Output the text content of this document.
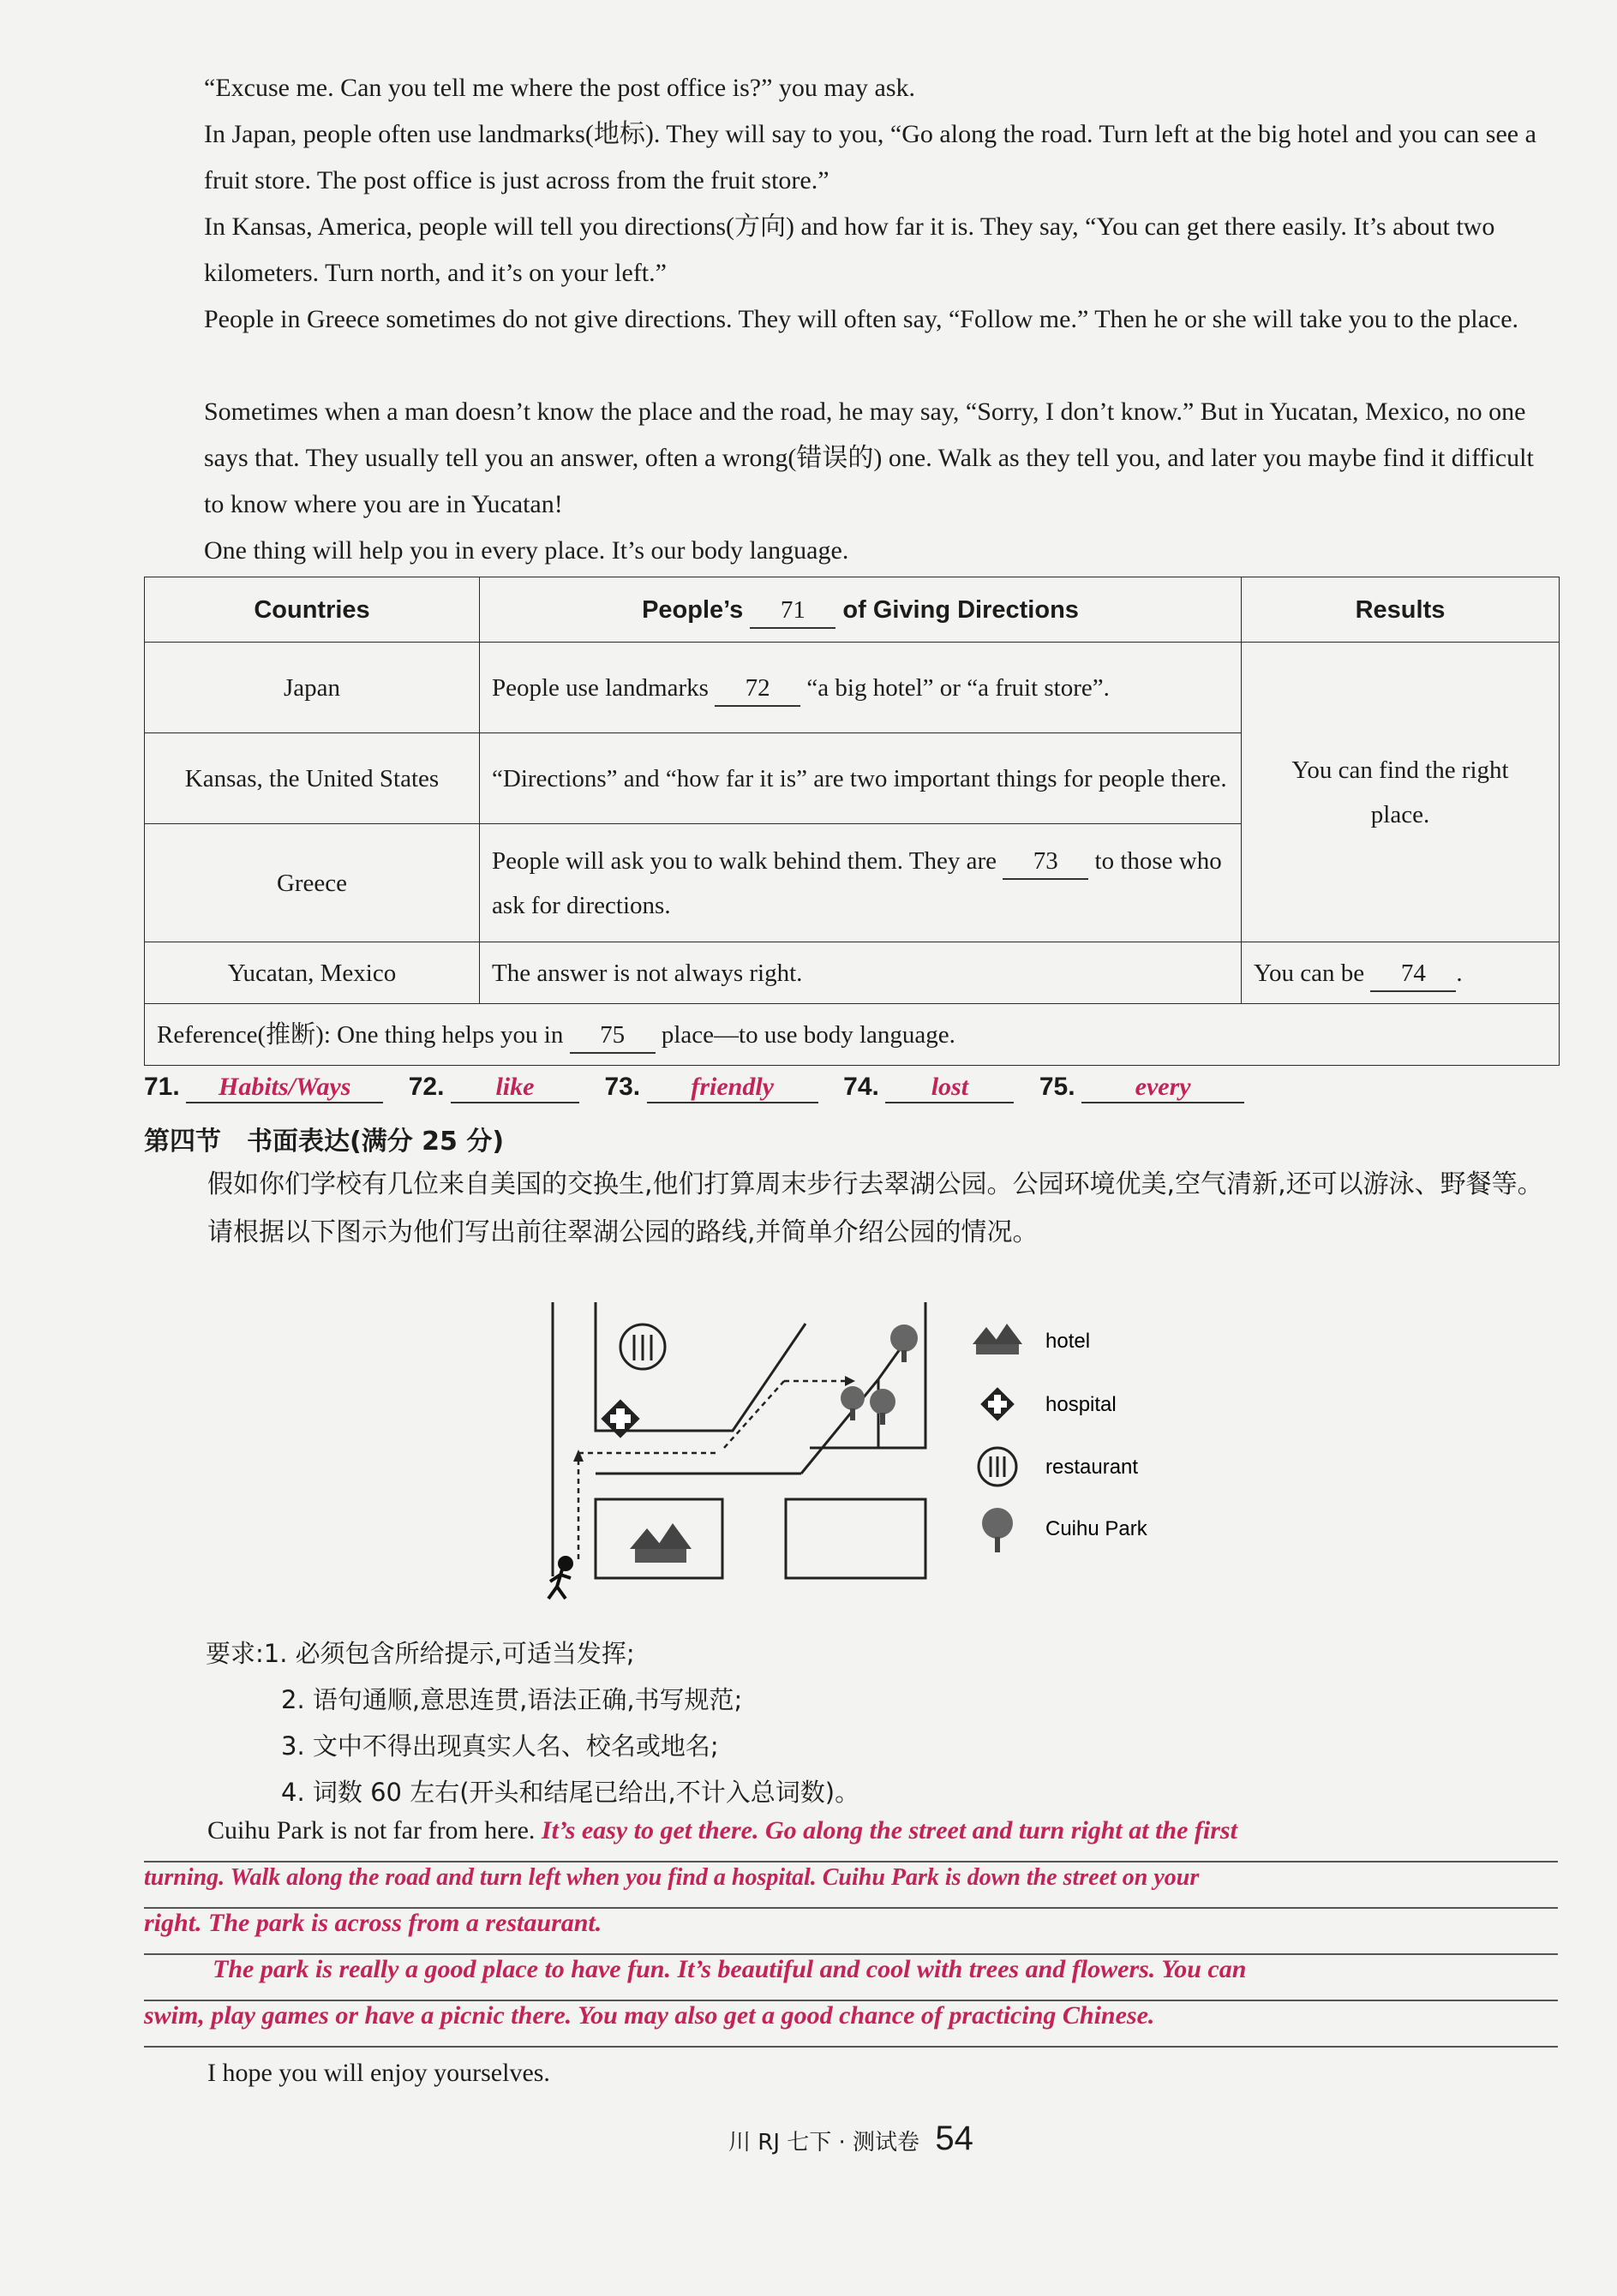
“Excuse me. Can you tell me where the post office is?” you may ask.

In Japan, people often use landmarks(地标). They will say to you, “Go along the road. Turn left at the big hotel and you can see a fruit store. The post office is just across from the fruit store.”

In Kansas, America, people will tell you directions(方向) and how far it is. They say, “You can get there easily. It’s about two kilometers. Turn north, and it’s on your left.”

People in Greece sometimes do not give directions. They will often say, “Follow me.” Then he or she will take you to the place.

Sometimes when a man doesn’t know the place and the road, he may say, “Sorry, I don’t know.” But in Yucatan, Mexico, no one says that. They usually tell you an answer, often a wrong(错误的) one. Walk as they tell you, and later you maybe find it difficult to know where you are in Yucatan!

One thing will help you in every place. It’s our body language.

Countries	People’s 71 of Giving Directions	Results
Japan	People use landmarks 72 “a big hotel” or “a fruit store”.	You can find the right place.
Kansas, the United States	“Directions” and “how far it is” are two important things for people there.	
Greece	People will ask you to walk behind them. They are 73 to those who ask for directions.	
Yucatan, Mexico	The answer is not always right.	You can be 74 .
Reference(推断): One thing helps you in 75 place—to use body language.		
71. Habits/Ways 72. like	73. friendly	74. lost	75. every
第四节　书面表达(满分 25 分)

假如你们学校有几位来自美国的交换生,他们打算周末步行去翠湖公园。公园环境优美,空气清新,还可以游泳、野餐等。请根据以下图示为他们写出前往翠湖公园的路线,并简单介绍公园的情况。

hotel
hospital
restaurant
Cuihu Park
要求:1. 必须包含所给提示,可适当发挥;
2. 语句通顺,意思连贯,语法正确,书写规范;
3. 文中不得出现真实人名、校名或地名;
4. 词数 60 左右(开头和结尾已给出,不计入总词数)。
Cuihu Park is not far from here. It’s easy to get there. Go along the street and turn right at the first
turning. Walk along the road and turn left when you find a hospital. Cuihu Park is down the street on your
right. The park is across from a restaurant.
The park is really a good place to have fun. It’s beautiful and cool with trees and flowers. You can
swim, play games or have a picnic there. You may also get a good chance of practicing Chinese.
I hope you will enjoy yourselves.
川 RJ 七下 · 测试卷 54
